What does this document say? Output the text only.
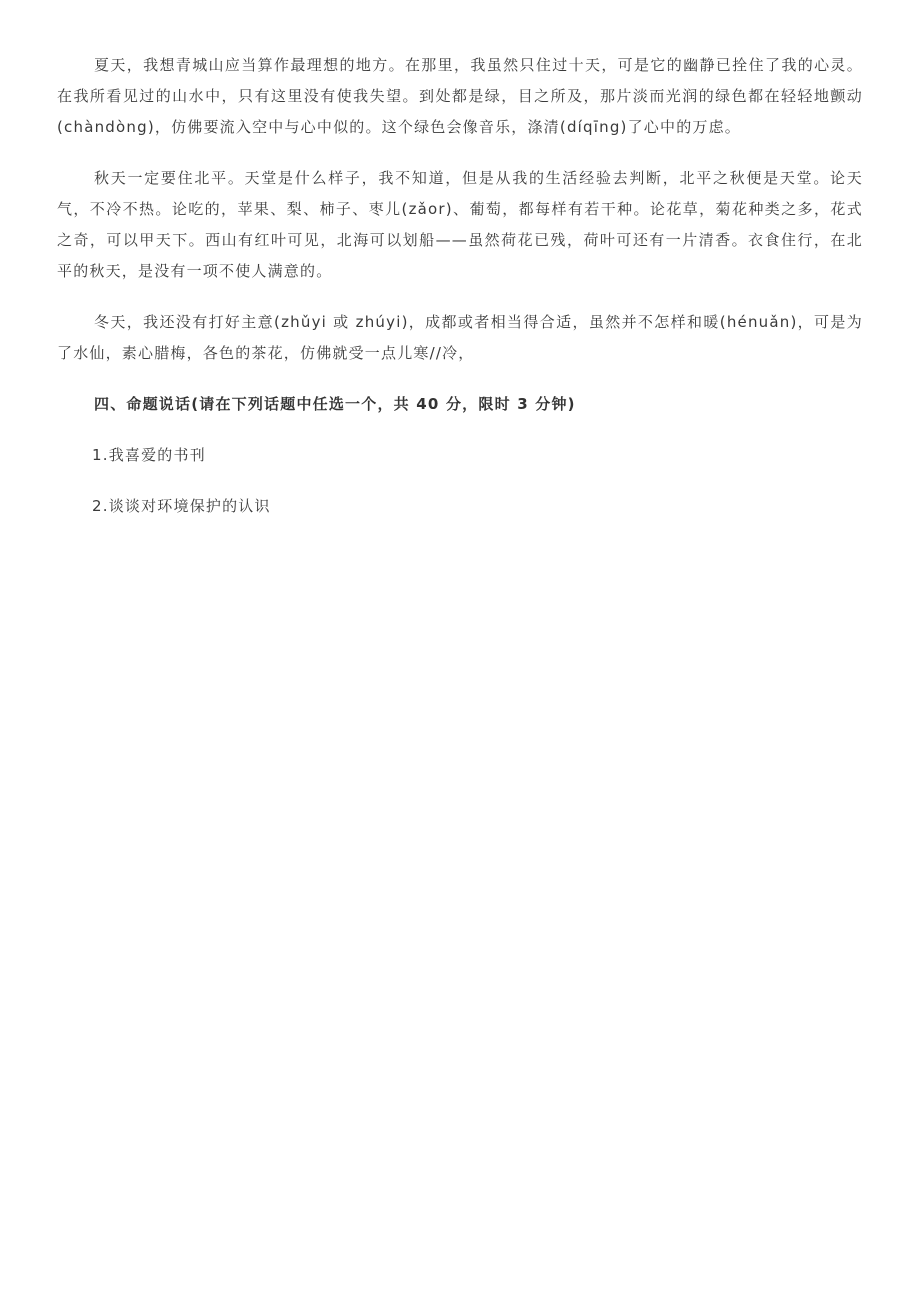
夏天，我想青城山应当算作最理想的地方。在那里，我虽然只住过十天，可是它的幽静已拴住了我的心灵。在我所看见过的山水中，只有这里没有使我失望。到处都是绿，目之所及，那片淡而光润的绿色都在轻轻地颤动(chàndòng)，仿佛要流入空中与心中似的。这个绿色会像音乐，涤清(díqīng)了心中的万虑。

秋天一定要住北平。天堂是什么样子，我不知道，但是从我的生活经验去判断，北平之秋便是天堂。论天气，不冷不热。论吃的，苹果、梨、柿子、枣儿(zǎor)、葡萄，都每样有若干种。论花草，菊花种类之多，花式之奇，可以甲天下。西山有红叶可见，北海可以划船——虽然荷花已残，荷叶可还有一片清香。衣食住行，在北平的秋天，是没有一项不使人满意的。

冬天，我还没有打好主意(zhǔyi 或 zhúyi)，成都或者相当得合适，虽然并不怎样和暖(hénuǎn)，可是为了水仙，素心腊梅，各色的茶花，仿佛就受一点儿寒//冷，

四、命题说话(请在下列话题中任选一个，共 40 分，限时 3 分钟)

1.我喜爱的书刊

2.谈谈对环境保护的认识
